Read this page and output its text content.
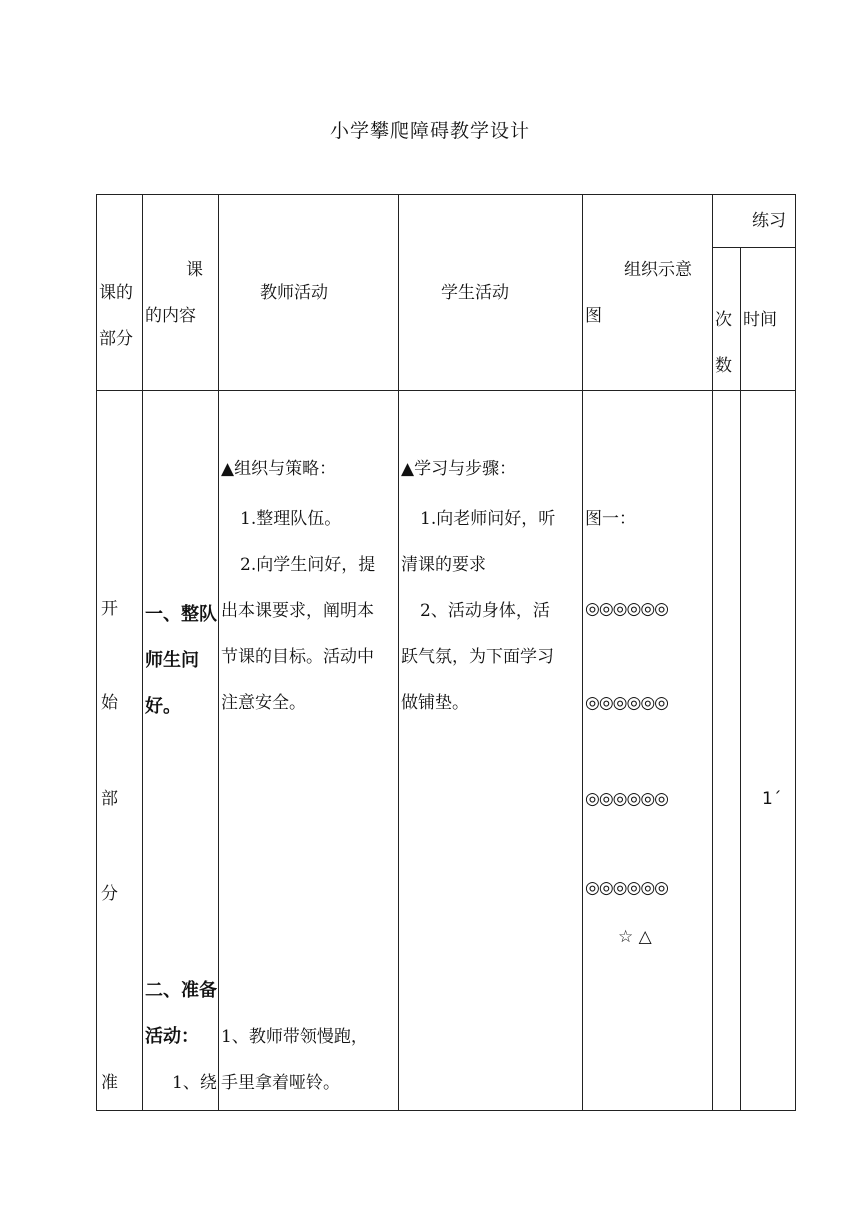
小学攀爬障碍教学设计
课的
部分
课
的内容
教师活动	学生活动
组织示意
图
练习
次
数
时间
开
始
部
分
准
一、整队
师生问
好。
二、准备
活动：
1、绕
▲组织与策略：
1.整理队伍。
2.向学生问好，提
出本课要求，阐明本
节课的目标。活动中
注意安全。
1、教师带领慢跑，
手里拿着哑铃。
▲学习与步骤：
1.向老师问好，听
清课的要求
2、活动身体，活
跃气氛，为下面学习
做铺垫。
图一：
◎◎◎◎◎◎
◎◎◎◎◎◎
◎◎◎◎◎◎
◎◎◎◎◎◎
☆ △
1´
